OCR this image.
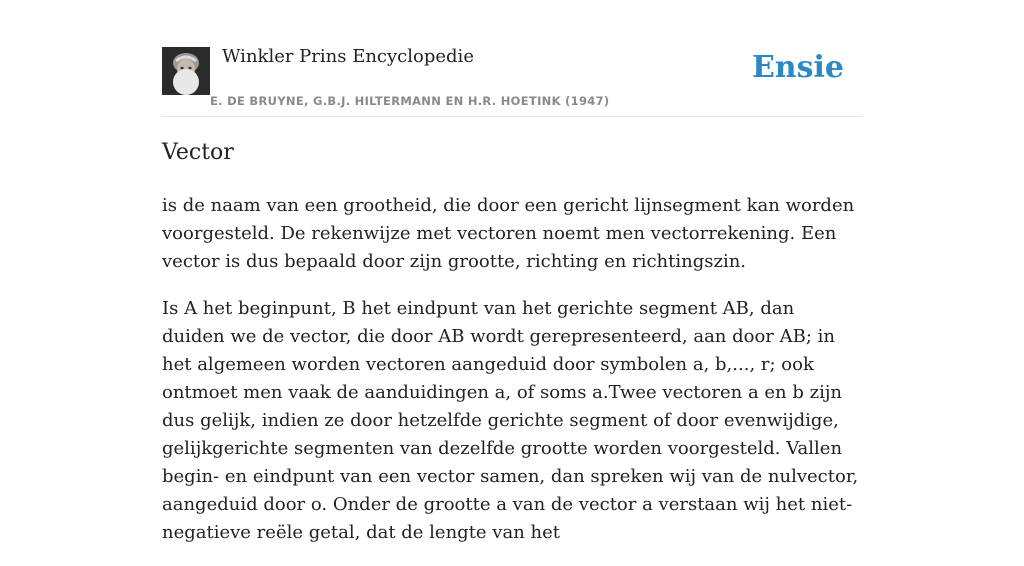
Winkler Prins Encyclopedie
E. DE BRUYNE, G.B.J. HILTERMANN EN H.R. HOETINK (1947)
Ensie
Vector

is de naam van een grootheid, die door een gericht lijnsegment kan worden voorgesteld. De rekenwijze met vectoren noemt men vectorrekening. Een vector is dus bepaald door zijn grootte, richting en richtingszin.

Is A het beginpunt, B het eindpunt van het gerichte segment AB, dan duiden we de vector, die door AB wordt gerepresenteerd, aan door AB; in het algemeen worden vectoren aangeduid door symbolen a, b,..., r; ook ontmoet men vaak de aanduidingen a, of soms a.Twee vectoren a en b zijn dus gelijk, indien ze door hetzelfde gerichte segment of door evenwijdige, gelijkgerichte segmenten van dezelfde grootte worden voorgesteld. Vallen begin- en eindpunt van een vector samen, dan spreken wij van de nulvector, aangeduid door o. Onder de grootte a van de vector a verstaan wij het niet-negatieve reële getal, dat de lengte van het
